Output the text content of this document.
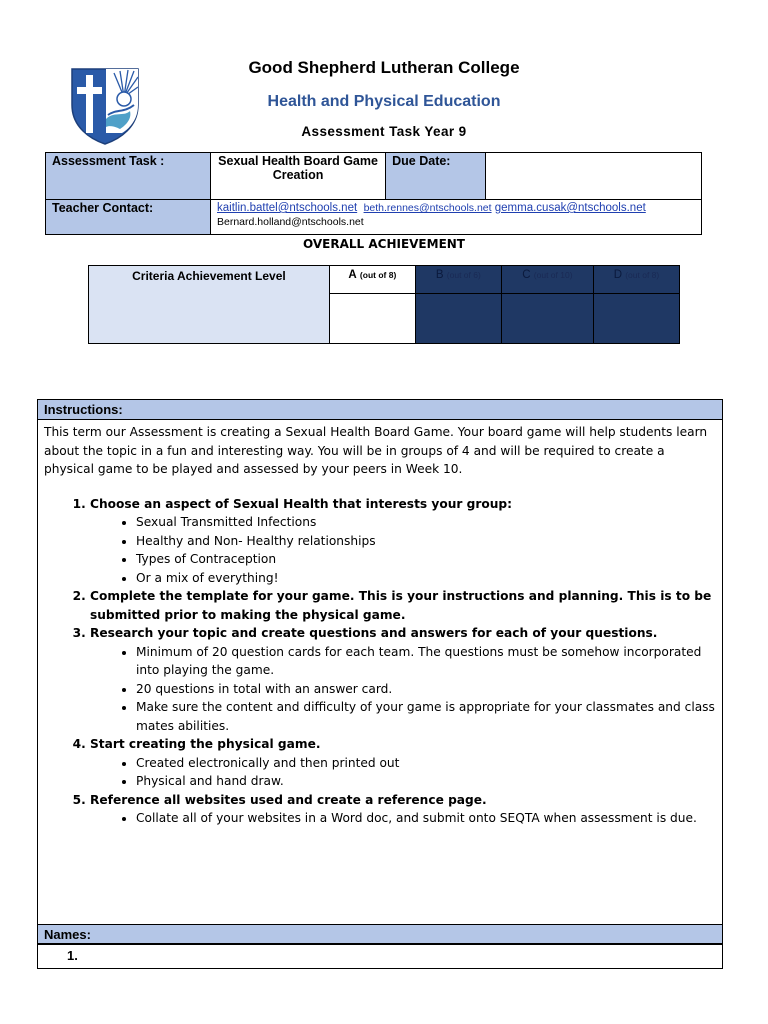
Good Shepherd Lutheran College
Health and Physical Education
Assessment Task Year 9
Assessment Task :	Sexual Health Board Game Creation	Due Date:	
Teacher Contact:	kaitlin.battel@ntschools.net beth.rennes@ntschools.net gemma.cusak@ntschools.net
Bernard.holland@ntschools.net		
OVERALL ACHIEVEMENT
Criteria Achievement Level	A (out of 8)	B (out of 6)	C (out of 10)	D (out of 8)

Instructions:

This term our Assessment is creating a Sexual Health Board Game. Your board game will help students learn about the topic in a fun and interesting way. You will be in groups of 4 and will be required to create a physical game to be played and assessed by your peers in Week 10.

1. Choose an aspect of Sexual Health that interests your group:
• Sexual Transmitted Infections
• Healthy and Non- Healthy relationships
• Types of Contraception
• Or a mix of everything!
2. Complete the template for your game. This is your instructions and planning. This is to be submitted prior to making the physical game.
3. Research your topic and create questions and answers for each of your questions.
• Minimum of 20 question cards for each team. The questions must be somehow incorporated into playing the game.
• 20 questions in total with an answer card.
• Make sure the content and difficulty of your game is appropriate for your classmates and class mates abilities.
4. Start creating the physical game.
• Created electronically and then printed out
• Physical and hand draw.
5. Reference all websites used and create a reference page.
• Collate all of your websites in a Word doc, and submit onto SEQTA when assessment is due.
Names:
1.
